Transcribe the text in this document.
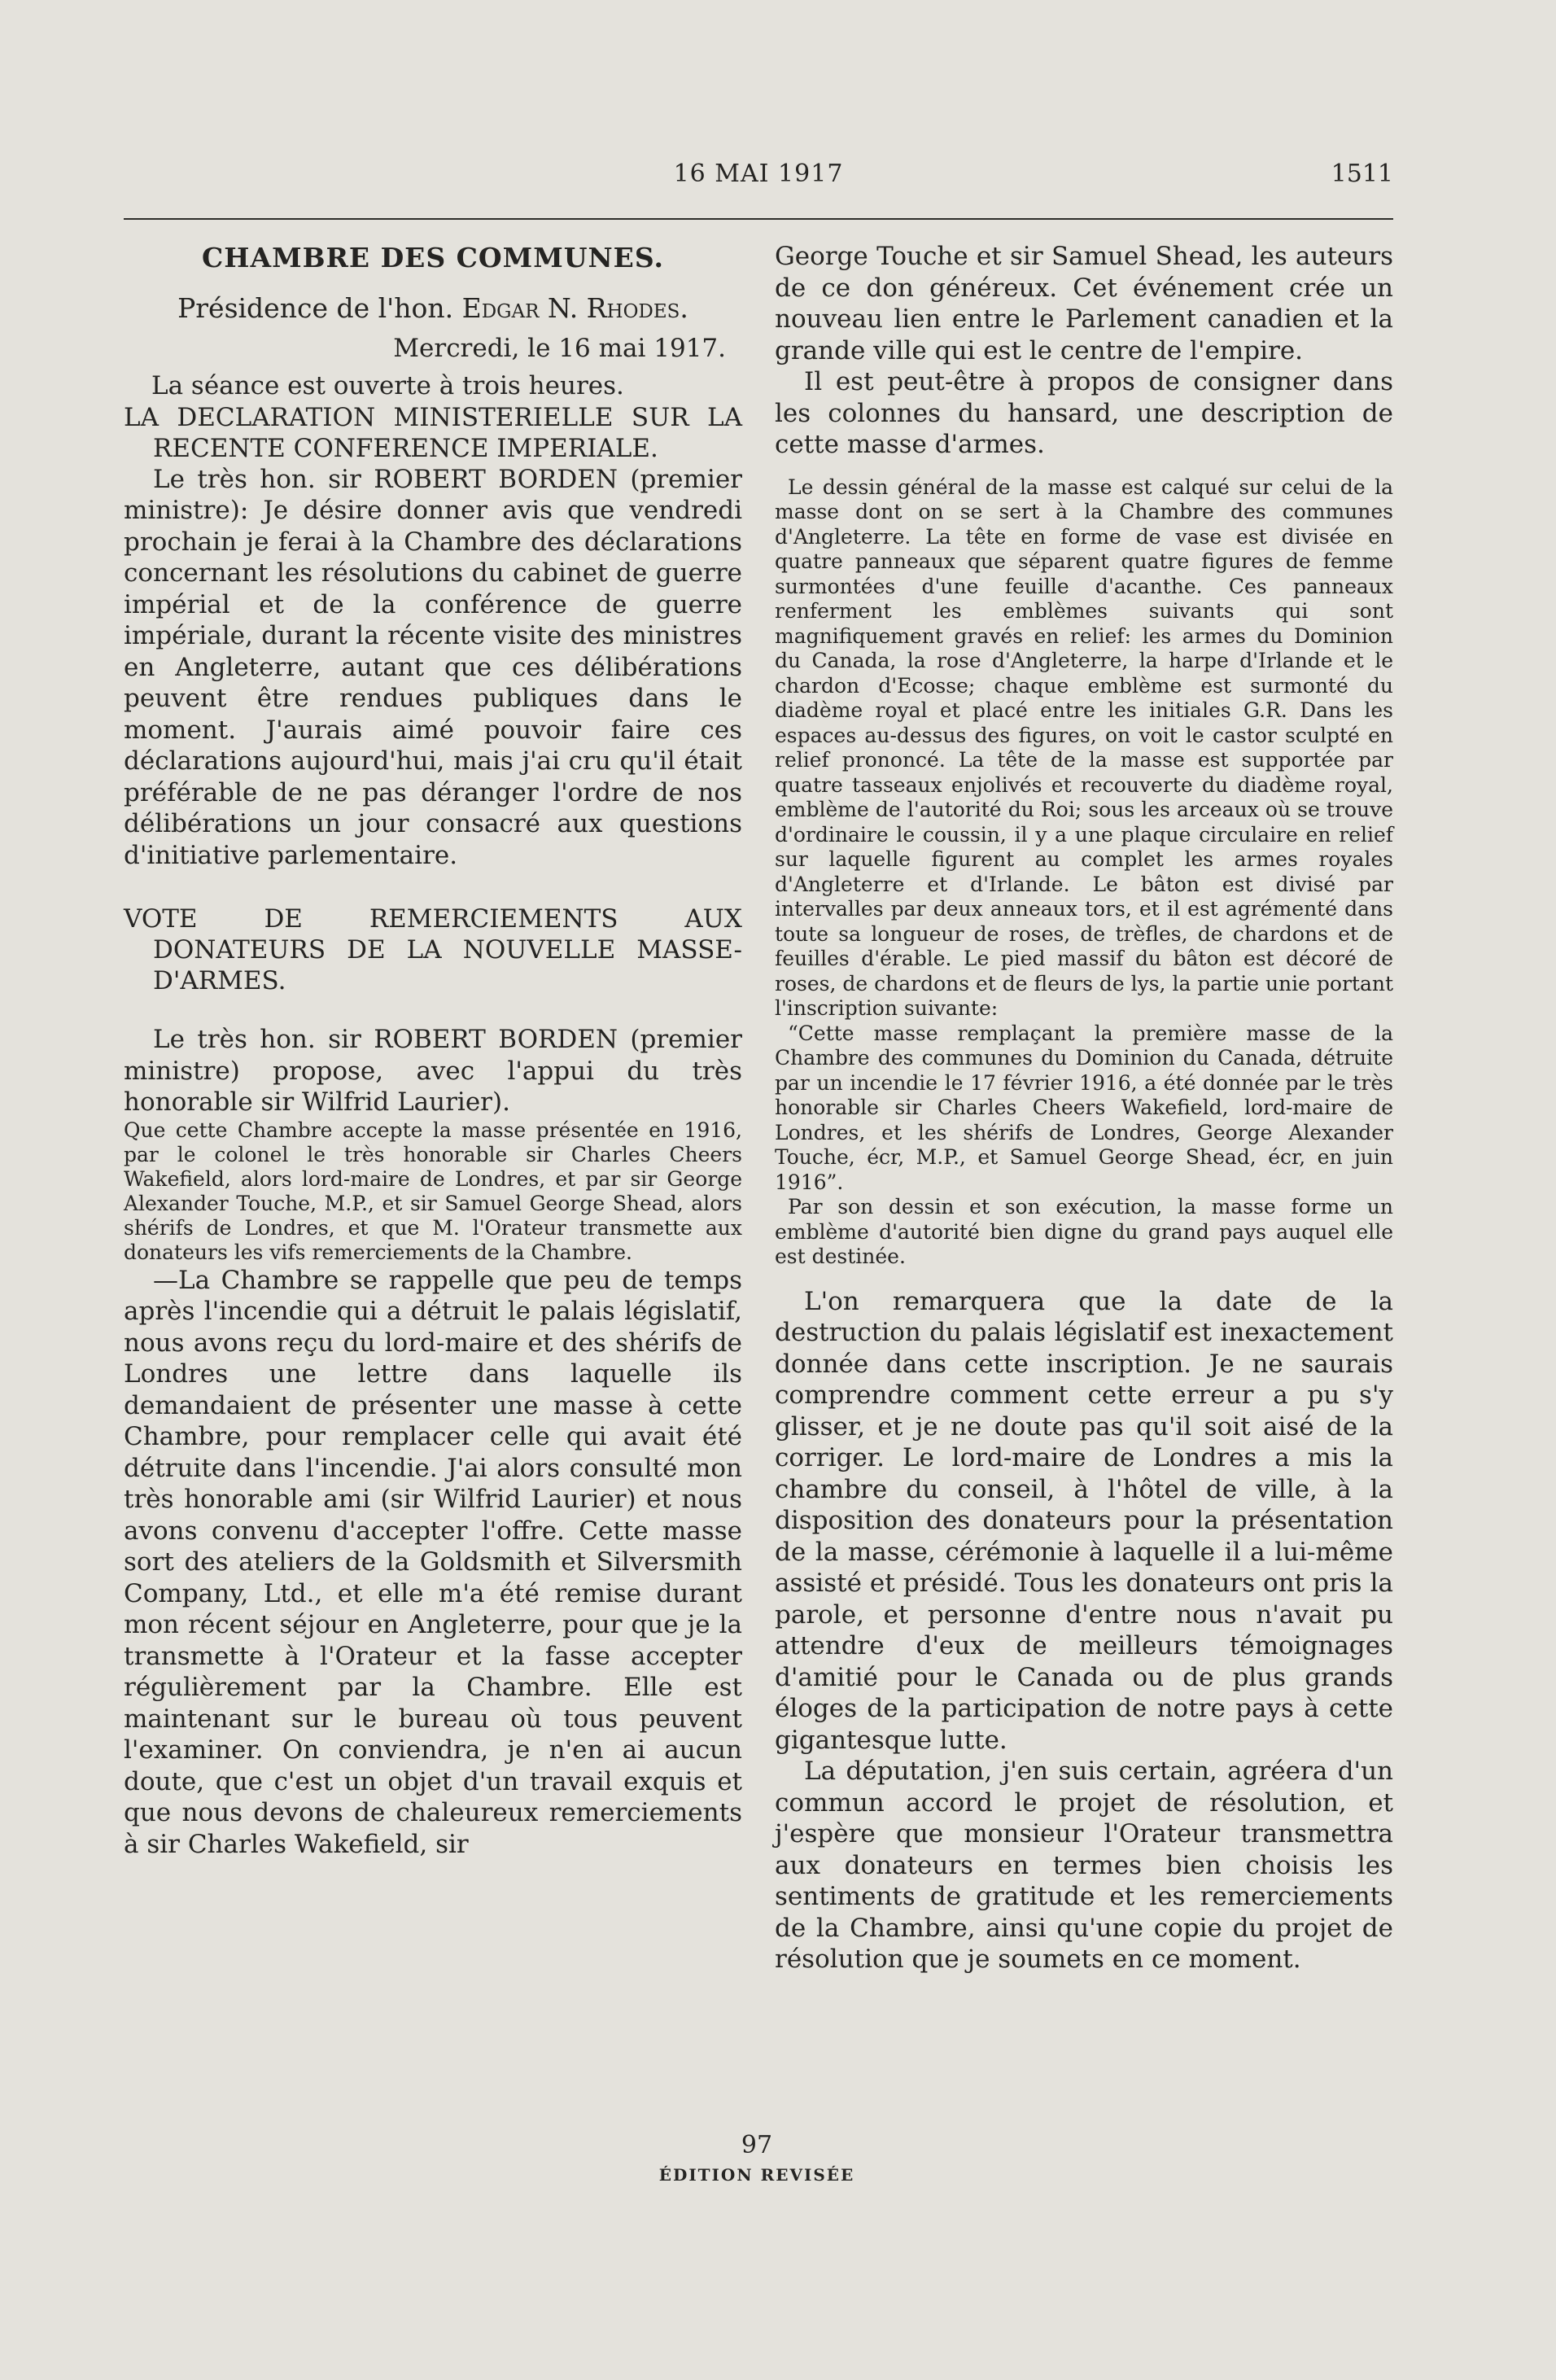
16 MAI 1917	1511
CHAMBRE DES COMMUNES.
Présidence de l'hon. Edgar N. Rhodes.
Mercredi, le 16 mai 1917.

La séance est ouverte à trois heures.

LA DECLARATION MINISTERIELLE SUR LA RECENTE CONFERENCE IMPERIALE.

Le très hon. sir ROBERT BORDEN (premier ministre): Je désire donner avis que vendredi prochain je ferai à la Chambre des déclarations concernant les résolutions du cabinet de guerre impérial et de la conférence de guerre impériale, durant la récente visite des ministres en Angleterre, autant que ces délibérations peuvent être rendues publiques dans le moment. J'aurais aimé pouvoir faire ces déclarations aujourd'hui, mais j'ai cru qu'il était préférable de ne pas déranger l'ordre de nos délibérations un jour consacré aux questions d'initiative parlementaire.

VOTE DE REMERCIEMENTS AUX DONATEURS DE LA NOUVELLE MASSE-D'ARMES.

Le très hon. sir ROBERT BORDEN (premier ministre) propose, avec l'appui du très honorable sir Wilfrid Laurier).

Que cette Chambre accepte la masse présentée en 1916, par le colonel le très honorable sir Charles Cheers Wakefield, alors lord-maire de Londres, et par sir George Alexander Touche, M.P., et sir Samuel George Shead, alors shérifs de Londres, et que M. l'Orateur transmette aux donateurs les vifs remerciements de la Chambre.

—La Chambre se rappelle que peu de temps après l'incendie qui a détruit le palais législatif, nous avons reçu du lord-maire et des shérifs de Londres une lettre dans laquelle ils demandaient de présenter une masse à cette Chambre, pour remplacer celle qui avait été détruite dans l'incendie. J'ai alors consulté mon très honorable ami (sir Wilfrid Laurier) et nous avons convenu d'accepter l'offre. Cette masse sort des ateliers de la Goldsmith et Silversmith Company, Ltd., et elle m'a été remise durant mon récent séjour en Angleterre, pour que je la transmette à l'Orateur et la fasse accepter régulièrement par la Chambre. Elle est maintenant sur le bureau où tous peuvent l'examiner. On conviendra, je n'en ai aucun doute, que c'est un objet d'un travail exquis et que nous devons de chaleureux remerciements à sir Charles Wakefield, sir

George Touche et sir Samuel Shead, les auteurs de ce don généreux. Cet événement crée un nouveau lien entre le Parlement canadien et la grande ville qui est le centre de l'empire.

Il est peut-être à propos de consigner dans les colonnes du hansard, une description de cette masse d'armes.

Le dessin général de la masse est calqué sur celui de la masse dont on se sert à la Chambre des communes d'Angleterre. La tête en forme de vase est divisée en quatre panneaux que séparent quatre figures de femme surmontées d'une feuille d'acanthe. Ces panneaux renferment les emblèmes suivants qui sont magnifiquement gravés en relief: les armes du Dominion du Canada, la rose d'Angleterre, la harpe d'Irlande et le chardon d'Ecosse; chaque emblème est surmonté du diadème royal et placé entre les initiales G.R. Dans les espaces au-dessus des figures, on voit le castor sculpté en relief prononcé. La tête de la masse est supportée par quatre tasseaux enjolivés et recouverte du diadème royal, emblème de l'autorité du Roi; sous les arceaux où se trouve d'ordinaire le coussin, il y a une plaque circulaire en relief sur laquelle figurent au complet les armes royales d'Angleterre et d'Irlande. Le bâton est divisé par intervalles par deux anneaux tors, et il est agrémenté dans toute sa longueur de roses, de trèfles, de chardons et de feuilles d'érable. Le pied massif du bâton est décoré de roses, de chardons et de fleurs de lys, la partie unie portant l'inscription suivante:

“Cette masse remplaçant la première masse de la Chambre des communes du Dominion du Canada, détruite par un incendie le 17 février 1916, a été donnée par le très honorable sir Charles Cheers Wakefield, lord-maire de Londres, et les shérifs de Londres, George Alexander Touche, écr, M.P., et Samuel George Shead, écr, en juin 1916”.

Par son dessin et son exécution, la masse forme un emblème d'autorité bien digne du grand pays auquel elle est destinée.

L'on remarquera que la date de la destruction du palais législatif est inexactement donnée dans cette inscription. Je ne saurais comprendre comment cette erreur a pu s'y glisser, et je ne doute pas qu'il soit aisé de la corriger. Le lord-maire de Londres a mis la chambre du conseil, à l'hôtel de ville, à la disposition des donateurs pour la présentation de la masse, cérémonie à laquelle il a lui-même assisté et présidé. Tous les donateurs ont pris la parole, et personne d'entre nous n'avait pu attendre d'eux de meilleurs témoignages d'amitié pour le Canada ou de plus grands éloges de la participation de notre pays à cette gigantesque lutte.

La députation, j'en suis certain, agréera d'un commun accord le projet de résolution, et j'espère que monsieur l'Orateur transmettra aux donateurs en termes bien choisis les sentiments de gratitude et les remerciements de la Chambre, ainsi qu'une copie du projet de résolution que je soumets en ce moment.

97
ÉDITION REVISÉE
